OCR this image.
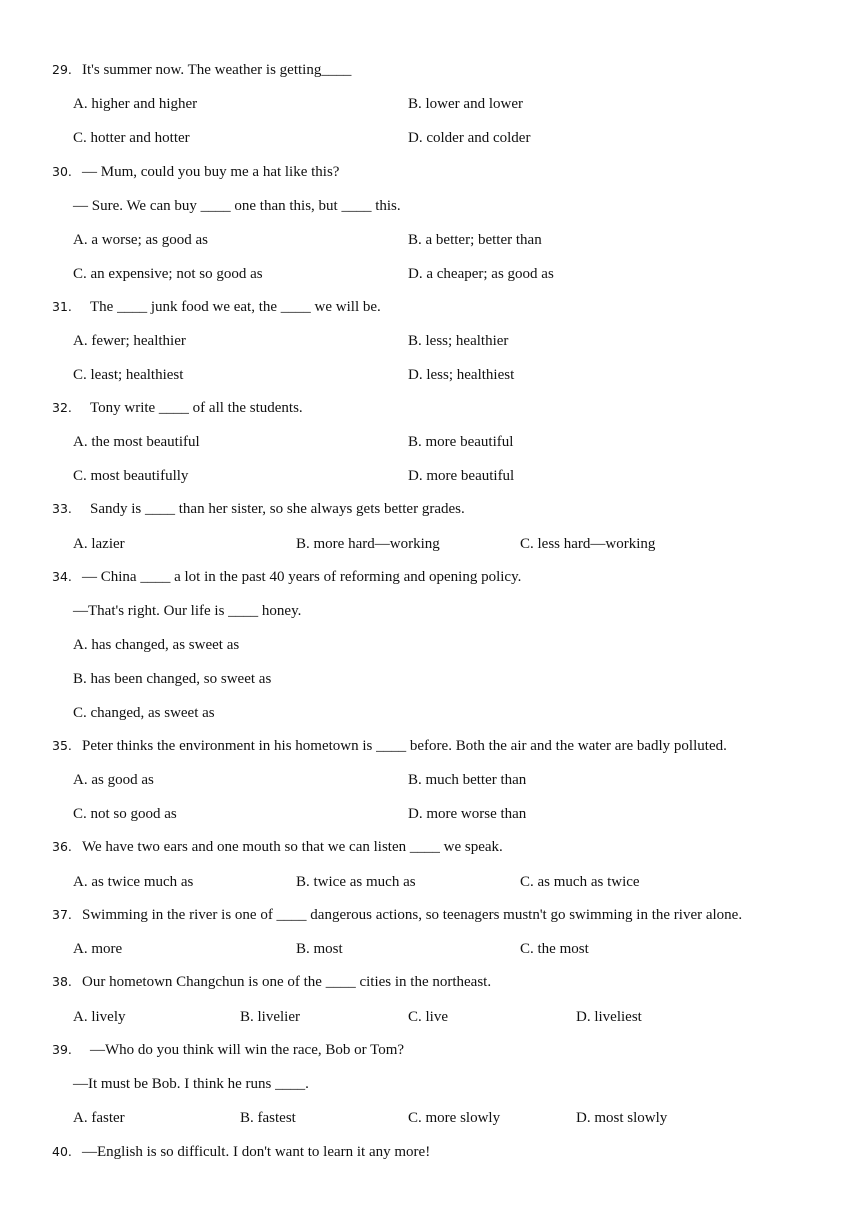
29. It's summer now. The weather is getting____
A. higher and higher	B. lower and lower
C. hotter and hotter	D. colder and colder
30. — Mum, could you buy me a hat like this?
— Sure. We can buy ____ one than this, but ____ this.
A. a worse; as good as	B. a better; better than
C. an expensive; not so good as	D. a cheaper; as good as
31. The ____ junk food we eat, the ____ we will be.
A. fewer; healthier	B. less; healthier
C. least; healthiest	D. less; healthiest
32. Tony write ____ of all the students.
A. the most beautiful	B. more beautiful
C. most beautifully	D. more beautiful
33. Sandy is ____ than her sister, so she always gets better grades.
A. lazier	B. more hard—working	C. less hard—working
34. — China ____ a lot in the past 40 years of reforming and opening policy.
—That's right. Our life is ____ honey.
A. has changed, as sweet as
B. has been changed, so sweet as
C. changed, as sweet as
35. Peter thinks the environment in his hometown is ____ before. Both the air and the water are badly polluted.
A. as good as	B. much better than
C. not so good as	D. more worse than
36. We have two ears and one mouth so that we can listen ____ we speak.
A. as twice much as	B. twice as much as	C. as much as twice
37. Swimming in the river is one of ____ dangerous actions, so teenagers mustn't go swimming in the river alone.
A. more	B. most	C. the most
38. Our hometown Changchun is one of the ____ cities in the northeast.
A. lively	B. livelier	C. live	D. liveliest
39. —Who do you think will win the race, Bob or Tom?
—It must be Bob. I think he runs ____.
A. faster	B. fastest	C. more slowly	D. most slowly
40. —English is so difficult. I don't want to learn it any more!
